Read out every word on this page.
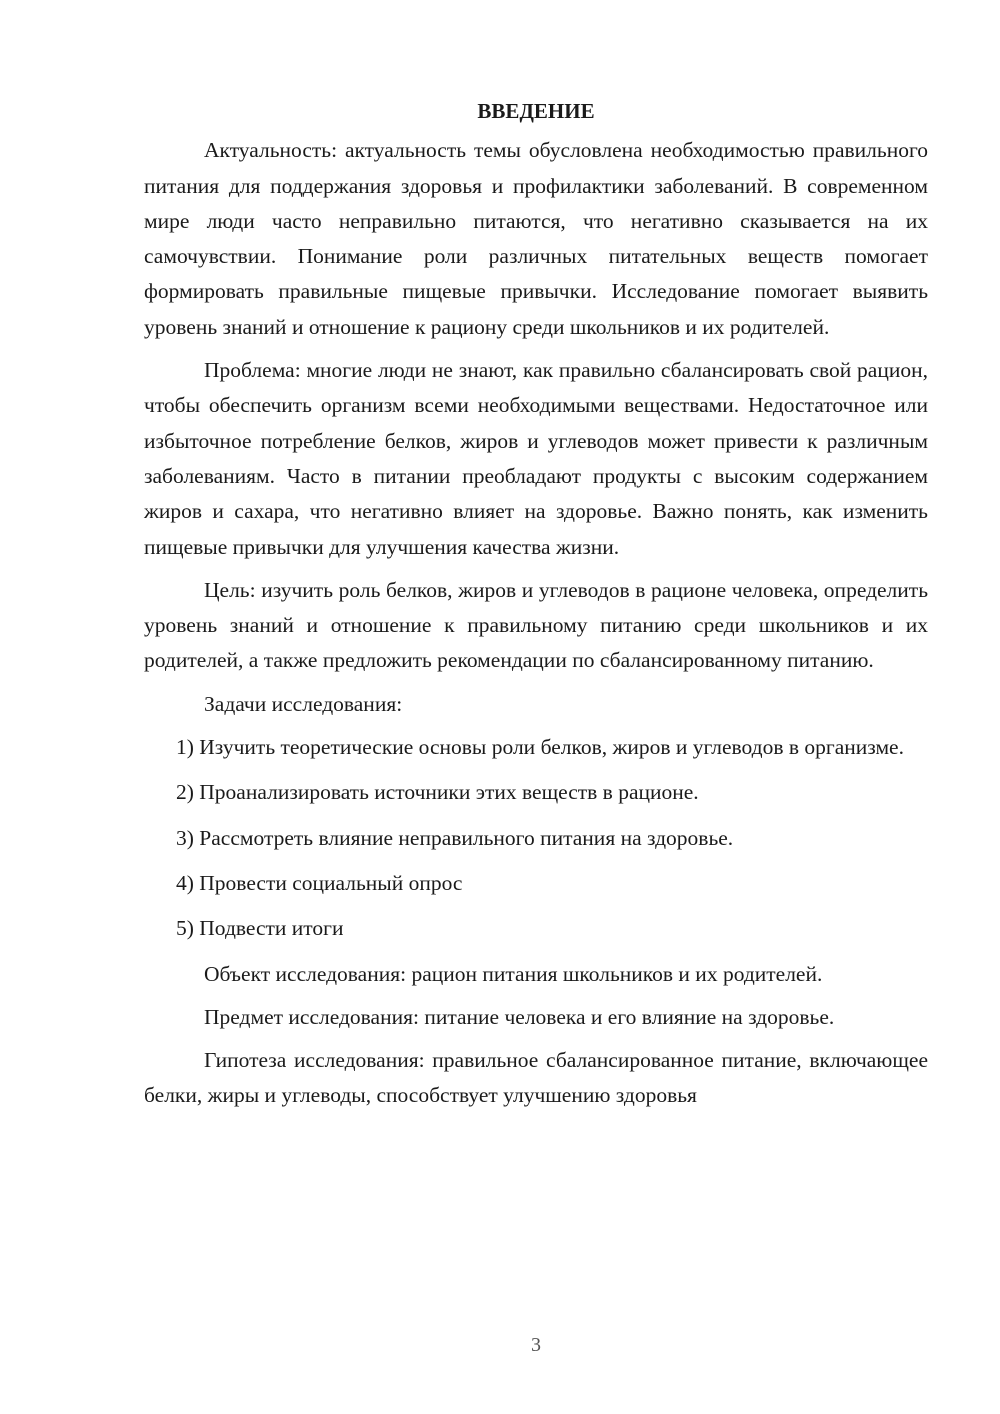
ВВЕДЕНИЕ

Актуальность: актуальность темы обусловлена необходимостью правильного питания для поддержания здоровья и профилактики заболеваний. В современном мире люди часто неправильно питаются, что негативно сказывается на их самочувствии. Понимание роли различных питательных веществ помогает формировать правильные пищевые привычки. Исследование помогает выявить уровень знаний и отношение к рациону среди школьников и их родителей.

Проблема: многие люди не знают, как правильно сбалансировать свой рацион, чтобы обеспечить организм всеми необходимыми веществами. Недостаточное или избыточное потребление белков, жиров и углеводов может привести к различным заболеваниям. Часто в питании преобладают продукты с высоким содержанием жиров и сахара, что негативно влияет на здоровье. Важно понять, как изменить пищевые привычки для улучшения качества жизни.

Цель: изучить роль белков, жиров и углеводов в рационе человека, определить уровень знаний и отношение к правильному питанию среди школьников и их родителей, а также предложить рекомендации по сбалансированному питанию.

Задачи исследования:

1) Изучить теоретические основы роли белков, жиров и углеводов в организме.

2) Проанализировать источники этих веществ в рационе.

3) Рассмотреть влияние неправильного питания на здоровье.

4) Провести социальный опрос

5) Подвести итоги

Объект исследования: рацион питания школьников и их родителей.

Предмет исследования: питание человека и его влияние на здоровье.

Гипотеза исследования: правильное сбалансированное питание, включающее белки, жиры и углеводы, способствует улучшению здоровья

3
